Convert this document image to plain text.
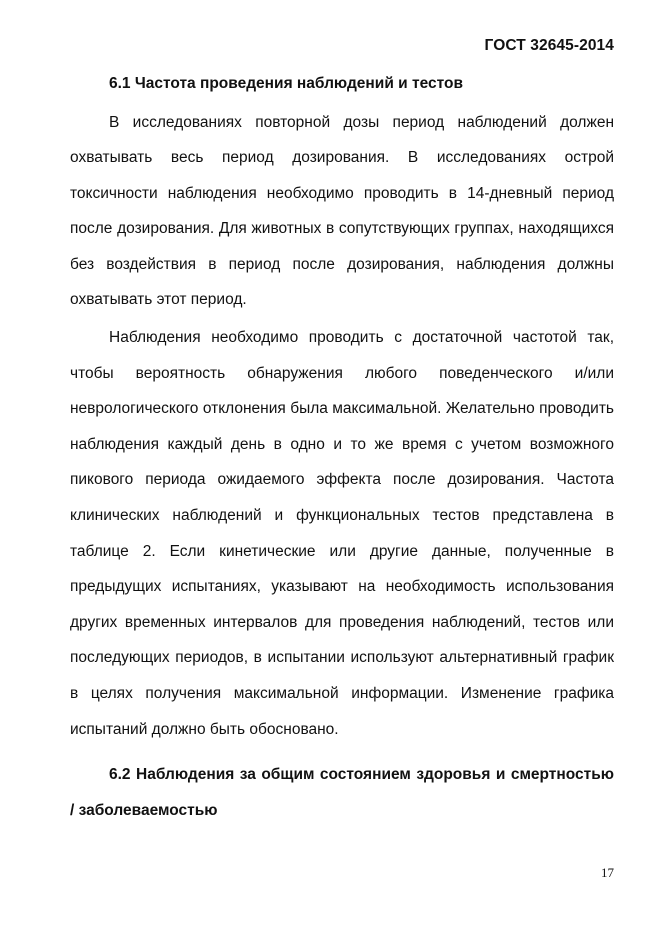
ГОСТ 32645-2014
6.1 Частота проведения наблюдений и тестов

В исследованиях повторной дозы период наблюдений должен охватывать весь период дозирования. В исследованиях острой токсичности наблюдения необходимо проводить в 14-дневный период после дозирования. Для животных в сопутствующих группах, находящихся без воздействия в период после дозирования, наблюдения должны охватывать этот период.

Наблюдения необходимо проводить с достаточной частотой так, чтобы вероятность обнаружения любого поведенческого и/или неврологического отклонения была максимальной. Желательно проводить наблюдения каждый день в одно и то же время с учетом возможного пикового периода ожидаемого эффекта после дозирования. Частота клинических наблюдений и функциональных тестов представлена в таблице 2. Если кинетические или другие данные, полученные в предыдущих испытаниях, указывают на необходимость использования других временных интервалов для проведения наблюдений, тестов или последующих периодов, в испытании используют альтернативный график в целях получения максимальной информации. Изменение графика испытаний должно быть обосновано.

6.2 Наблюдения за общим состоянием здоровья и смертностью / заболеваемостью
17
